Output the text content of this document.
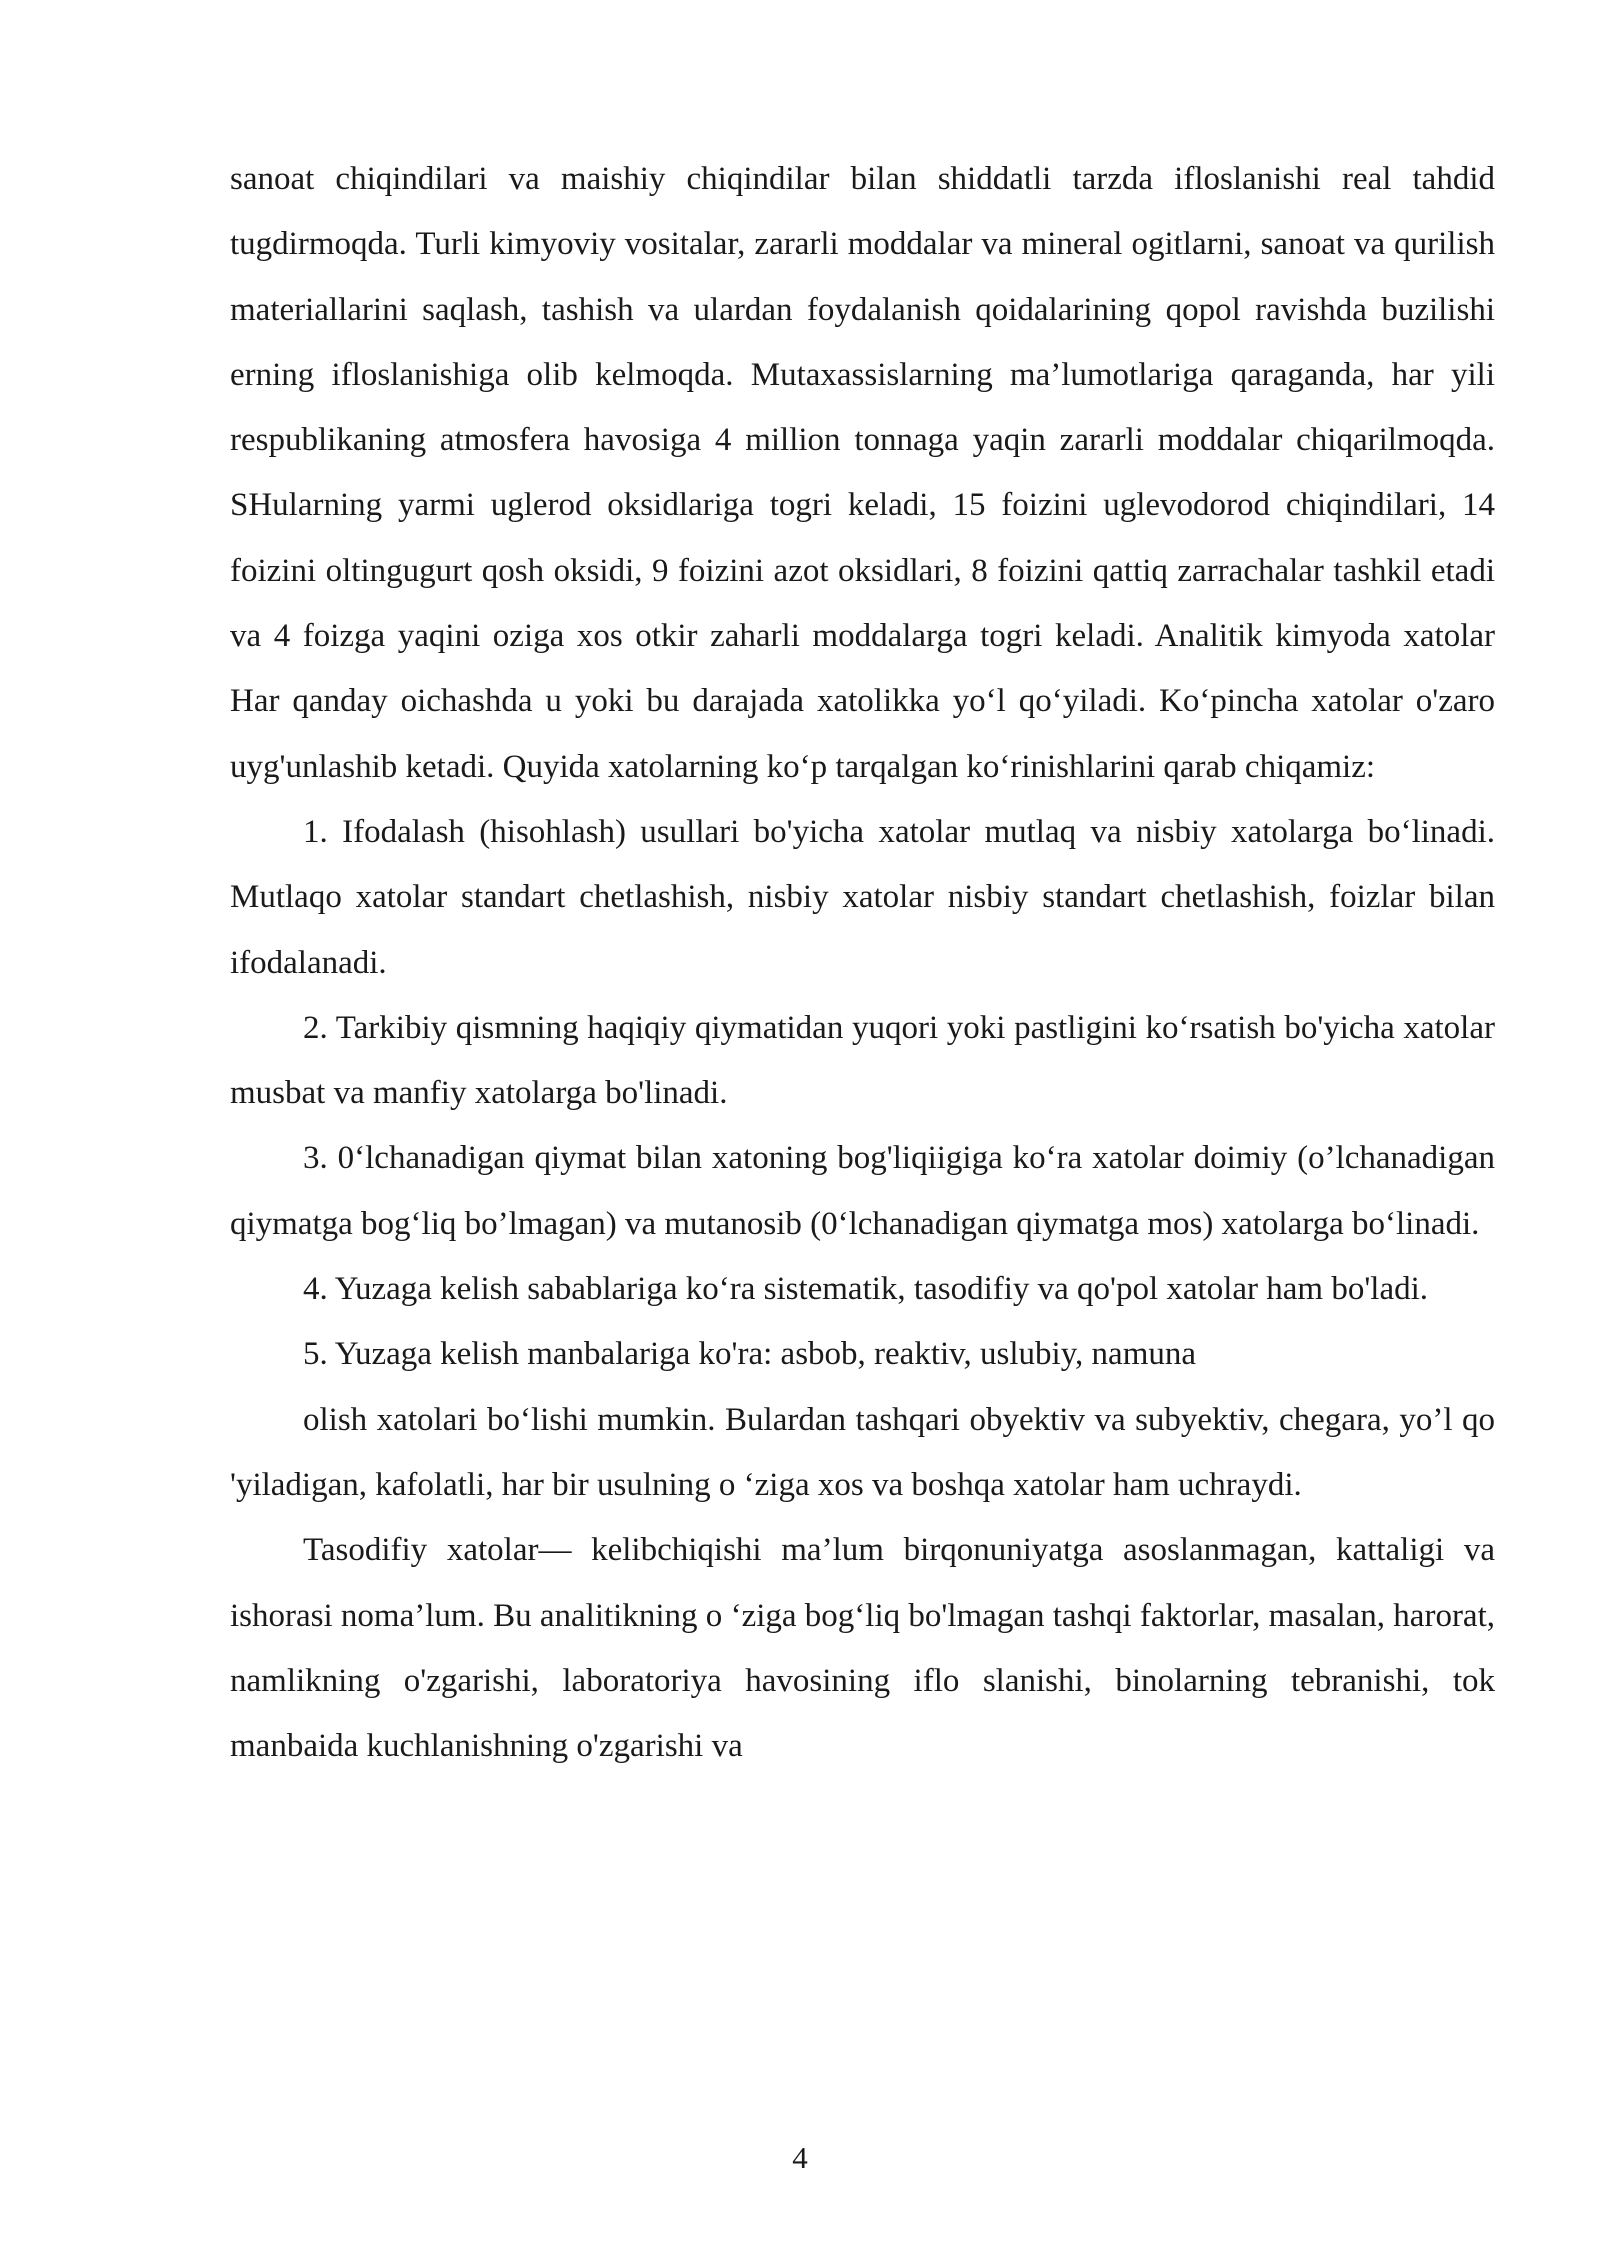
sanoat chiqindilari va maishiy chiqindilar bilan shiddatli tarzda ifloslanishi real tahdid tugdirmoqda. Turli kimyoviy vositalar, zararli moddalar va mineral ogitlarni, sanoat va qurilish materiallarini saqlash, tashish va ulardan foydalanish qoidalarining qopol ravishda buzilishi erning ifloslanishiga olib kelmoqda. Mutaxassislarning ma’lumotlariga qaraganda, har yili respublikaning atmosfera havosiga 4 million tonnaga yaqin zararli moddalar chiqarilmoqda. SHularning yarmi uglerod oksidlariga togri keladi, 15 foizini uglevodorod chiqindilari, 14 foizini oltingugurt qosh oksidi, 9 foizini azot oksidlari, 8 foizini qattiq zarrachalar tashkil etadi va 4 foizga yaqini oziga xos otkir zaharli moddalarga togri keladi. Analitik kimyoda xatolar Har qanday oichashda u yoki bu darajada xatolikka yo‘l qo‘yiladi. Ko‘pincha xatolar o'zaro uyg'unlashib ketadi. Quyida xatolarning ko‘p tarqalgan ko‘rinishlarini qarab chiqamiz:

1. Ifodalash (hisohlash) usullari bo'yicha xatolar mutlaq va nisbiy xatolarga bo‘linadi. Mutlaqo xatolar standart chetlashish, nisbiy xatolar nisbiy standart chetlashish, foizlar bilan ifodalanadi.

2. Tarkibiy qismning haqiqiy qiymatidan yuqori yoki pastligini ko‘rsatish bo'yicha xatolar musbat va manfiy xatolarga bo'linadi.

3. 0‘lchanadigan qiymat bilan xatoning bog'liqiigiga ko‘ra xatolar doimiy (o’lchanadigan qiymatga bog‘liq bo’lmagan) va mutanosib (0‘lchanadigan qiymatga mos) xatolarga bo‘linadi.

4. Yuzaga kelish sabablariga ko‘ra sistematik, tasodifiy va qo'pol xatolar ham bo'ladi.

5. Yuzaga kelish manbalariga ko'ra: asbob, reaktiv, uslubiy, namuna

olish xatolari bo‘lishi mumkin. Bulardan tashqari obyektiv va subyektiv, chegara, yo’l qo 'yiladigan, kafolatli, har bir usulning o ‘ziga xos va boshqa xatolar ham uchraydi.

Tasodifiy xatolar— kelibchiqishi ma’lum birqonuniyatga asoslanmagan, kattaligi va ishorasi noma’lum. Bu analitikning o ‘ziga bog‘liq bo'lmagan tashqi faktorlar, masalan, harorat, namlikning o'zgarishi, laboratoriya havosining iflo slanishi, binolarning tebranishi, tok manbaida kuchlanishning o'zgarishi va

4
